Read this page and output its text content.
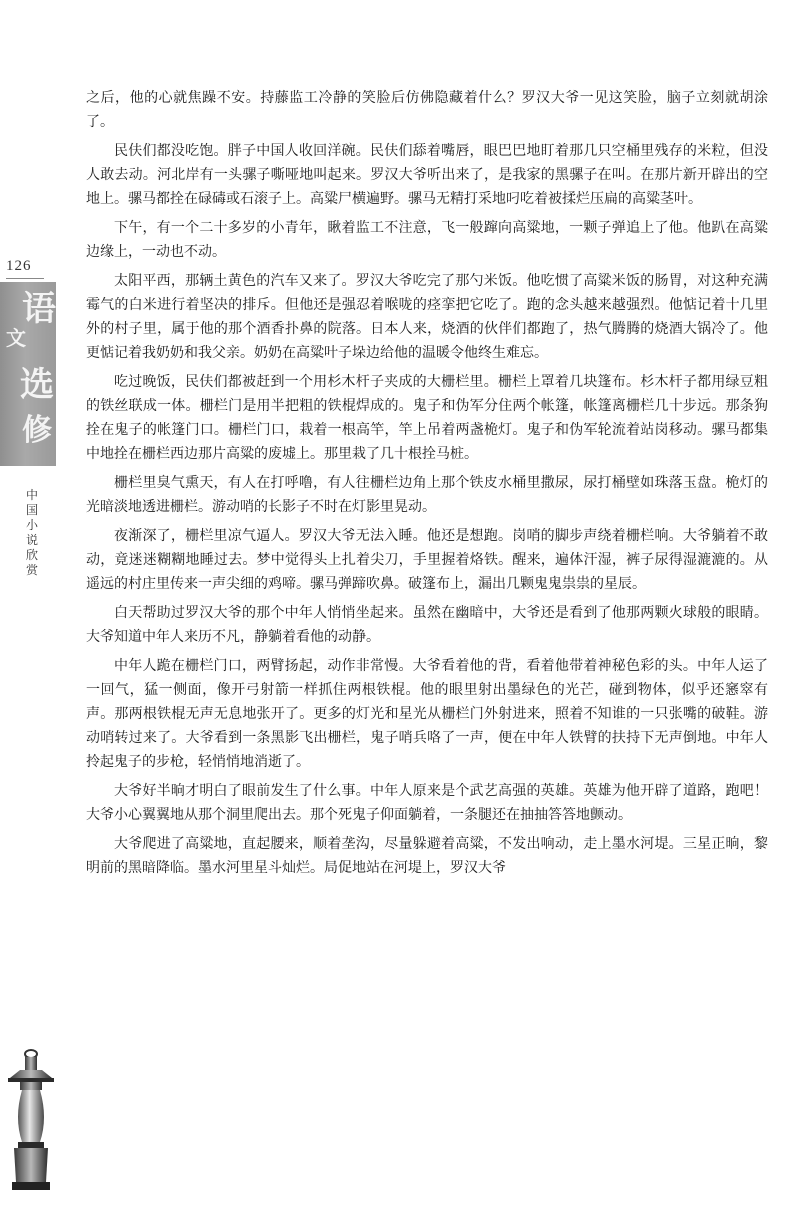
126
语
文
选
修
中国小说欣赏

之后，他的心就焦躁不安。持藤监工冷静的笑脸后仿佛隐藏着什么？罗汉大爷一见这笑脸，脑子立刻就胡涂了。

民伕们都没吃饱。胖子中国人收回洋碗。民伕们舔着嘴唇，眼巴巴地盯着那几只空桶里残存的米粒，但没人敢去动。河北岸有一头骡子嘶哑地叫起来。罗汉大爷听出来了，是我家的黑骡子在叫。在那片新开辟出的空地上。骡马都拴在碌碡或石滚子上。高粱尸横遍野。骡马无精打采地叼吃着被揉烂压扁的高粱茎叶。

下午，有一个二十多岁的小青年，瞅着监工不注意，飞一般蹿向高粱地，一颗子弹追上了他。他趴在高粱边缘上，一动也不动。

太阳平西，那辆土黄色的汽车又来了。罗汉大爷吃完了那勺米饭。他吃惯了高粱米饭的肠胃，对这种充满霉气的白米进行着坚决的排斥。但他还是强忍着喉咙的痉挛把它吃了。跑的念头越来越强烈。他惦记着十几里外的村子里，属于他的那个酒香扑鼻的院落。日本人来，烧酒的伙伴们都跑了，热气腾腾的烧酒大锅冷了。他更惦记着我奶奶和我父亲。奶奶在高粱叶子垛边给他的温暖令他终生难忘。

吃过晚饭，民伕们都被赶到一个用杉木杆子夹成的大栅栏里。栅栏上罩着几块篷布。杉木杆子都用绿豆粗的铁丝联成一体。栅栏门是用半把粗的铁棍焊成的。鬼子和伪军分住两个帐篷，帐篷离栅栏几十步远。那条狗拴在鬼子的帐篷门口。栅栏门口，栽着一根高竿，竿上吊着两盏桅灯。鬼子和伪军轮流着站岗移动。骡马都集中地拴在栅栏西边那片高粱的废墟上。那里栽了几十根拴马桩。

栅栏里臭气熏天，有人在打呼噜，有人往栅栏边角上那个铁皮水桶里撒尿，尿打桶壁如珠落玉盘。桅灯的光暗淡地透进栅栏。游动哨的长影子不时在灯影里晃动。

夜渐深了，栅栏里凉气逼人。罗汉大爷无法入睡。他还是想跑。岗哨的脚步声绕着栅栏响。大爷躺着不敢动，竟迷迷糊糊地睡过去。梦中觉得头上扎着尖刀，手里握着烙铁。醒来，遍体汗湿，裤子尿得湿漉漉的。从遥远的村庄里传来一声尖细的鸡啼。骡马弹蹄吹鼻。破篷布上，漏出几颗鬼鬼祟祟的星辰。

白天帮助过罗汉大爷的那个中年人悄悄坐起来。虽然在幽暗中，大爷还是看到了他那两颗火球般的眼睛。大爷知道中年人来历不凡，静躺着看他的动静。

中年人跪在栅栏门口，两臂扬起，动作非常慢。大爷看着他的背，看着他带着神秘色彩的头。中年人运了一回气，猛一侧面，像开弓射箭一样抓住两根铁棍。他的眼里射出墨绿色的光芒，碰到物体，似乎还窸窣有声。那两根铁棍无声无息地张开了。更多的灯光和星光从栅栏门外射进来，照着不知谁的一只张嘴的破鞋。游动哨转过来了。大爷看到一条黑影飞出栅栏，鬼子哨兵咯了一声，便在中年人铁臂的扶持下无声倒地。中年人拎起鬼子的步枪，轻悄悄地消逝了。

大爷好半晌才明白了眼前发生了什么事。中年人原来是个武艺高强的英雄。英雄为他开辟了道路，跑吧！大爷小心翼翼地从那个洞里爬出去。那个死鬼子仰面躺着，一条腿还在抽抽答答地颤动。

大爷爬进了高粱地，直起腰来，顺着垄沟，尽量躲避着高粱，不发出响动，走上墨水河堤。三星正晌，黎明前的黑暗降临。墨水河里星斗灿烂。局促地站在河堤上，罗汉大爷
